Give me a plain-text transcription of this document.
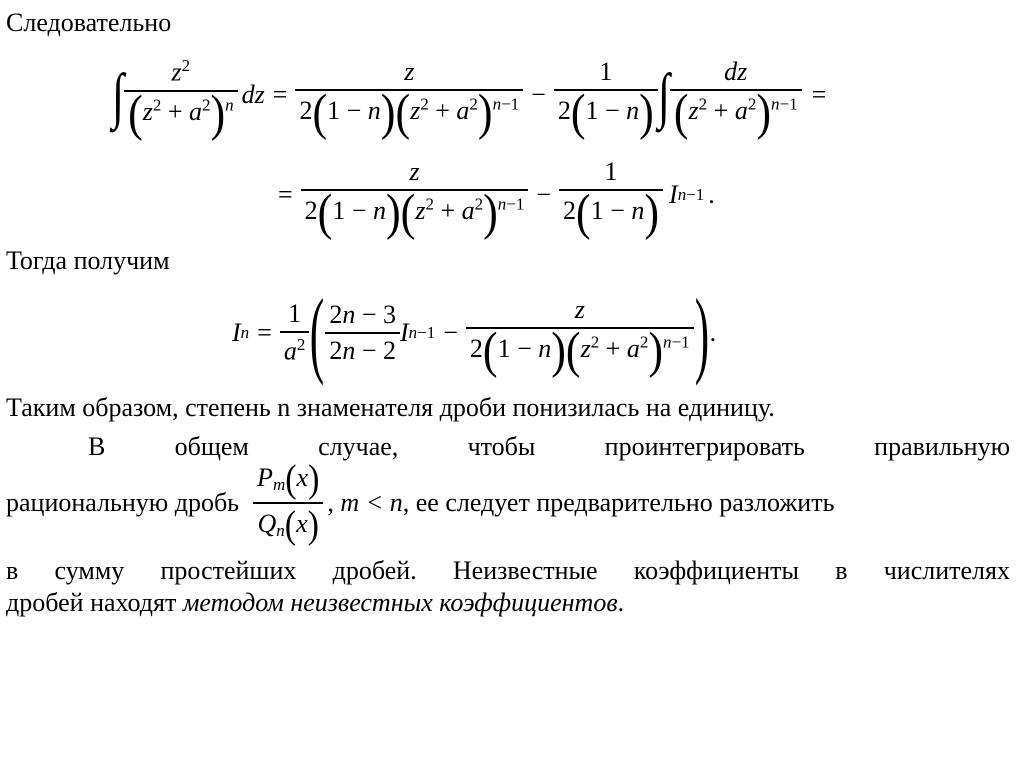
Следовательно
∫ $\frac{z^2}{(z^2 + a^2)^n}$ dz = $\frac{z}{2(1 - n)(z^2 + a^2)^{n-1}} - \frac{1}{2(1 - n)}$ ∫ $\frac{dz}{(z^2 + a^2)^{n-1}}$ =
= $\frac{z}{2(1 - n)(z^2 + a^2)^{n-1}} - \frac{1}{2(1 - n)}$ I n−1 .
Тогда получим
I $n = \frac{1}{a^2}$ ( $\frac{2n - 3}{2n - 2}$ I $n-1 - \frac{z}{2(1 - n)(z^2 + a^2)^{n-1}}$ ) .
Таким образом, степень n знаменателя дроби понизилась на единицу.
В общем случае, чтобы проинтегрировать правильную
рациональную дробь $\frac{P_m(x)}{Q_n(x)}$ , m < n , ее следует предварительно разложить
в сумму простейших дробей. Неизвестные коэффициенты в числителях
дробей находят методом неизвестных коэффициентов.
